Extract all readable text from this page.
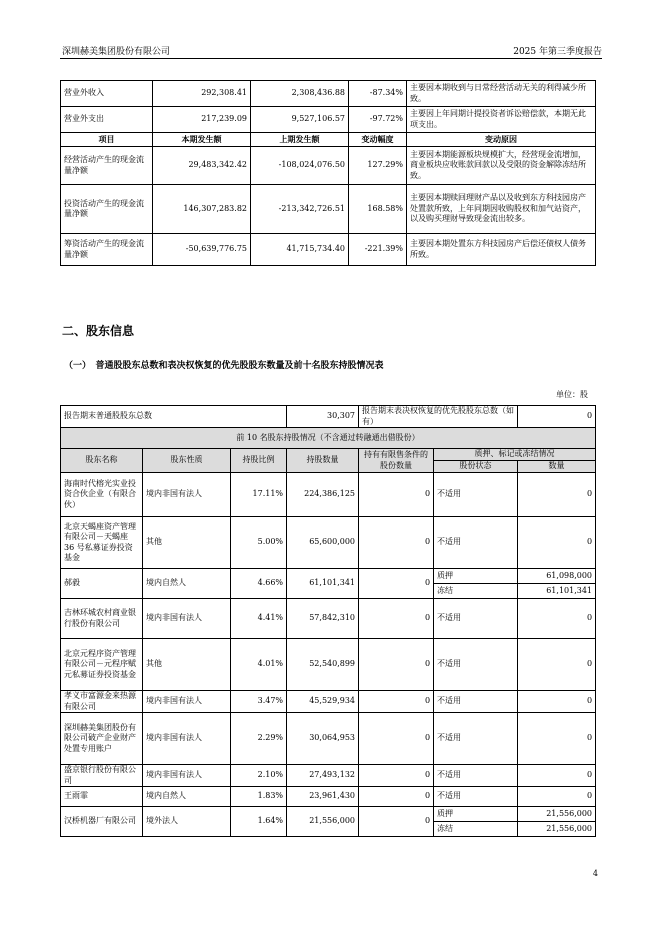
深圳赫美集团股份有限公司	2025 年第三季度报告
营业外收入	292,308.41	2,308,436.88	-87.34%	主要因本期收到与日常经营活动无关的利得减少所致。
营业外支出	217,239.09	9,527,106.57	-97.72%	主要因上年同期计提投资者诉讼赔偿款，本期无此项支出。
项目	本期发生额	上期发生额	变动幅度	变动原因
经营活动产生的现金流量净额	29,483,342.42	-108,024,076.50	127.29%	主要因本期能源板块规模扩大，经营现金流增加，商业板块应收账款回款以及受限的资金解除冻结所致。
投资活动产生的现金流量净额	146,307,283.82	-213,342,726.51	168.58%	主要因本期赎回理财产品以及收到东方科技园房产处置款所致，上年同期因收购股权和加气站资产，以及购买理财导致现金流出较多。
筹资活动产生的现金流量净额	-50,639,776.75	41,715,734.40	-221.39%	主要因本期处置东方科技园房产后偿还债权人债务所致。
二、股东信息
（一）　普通股股东总数和表决权恢复的优先股股东数量及前十名股东持股情况表
单位：股
报告期末普通股股东总数			30,307	报告期末表决权恢复的优先股股东总数（如有）		0
前 10 名股东持股情况（不含通过转融通出借股份）						
股东名称	股东性质	持股比例	持股数量	持有有限售条件的股份数量	质押、标记或冻结情况	
					股份状态	数量
海南时代榕光实业投资合伙企业（有限合伙）	境内非国有法人	17.11%	224,386,125	0	不适用	0
北京天蝎座资产管理有限公司－天蝎座 36 号私募证券投资基金	其他	5.00%	65,600,000	0	不适用	0
郝毅	境内自然人	4.66%	61,101,341	0	质押	61,098,000
					冻结	61,101,341
吉林环城农村商业银行股份有限公司	境内非国有法人	4.41%	57,842,310	0	不适用	0
北京元程序资产管理有限公司－元程序赋元私募证券投资基金	其他	4.01%	52,540,899	0	不适用	0
孝义市富源金来热源有限公司	境内非国有法人	3.47%	45,529,934	0	不适用	0
深圳赫美集团股份有限公司破产企业财产处置专用账户	境内非国有法人	2.29%	30,064,953	0	不适用	0
盛京银行股份有限公司	境内非国有法人	2.10%	27,493,132	0	不适用	0
王雨霏	境内自然人	1.83%	23,961,430	0	不适用	0
汉桥机器厂有限公司	境外法人	1.64%	21,556,000	0	质押	21,556,000
					冻结	21,556,000
4
